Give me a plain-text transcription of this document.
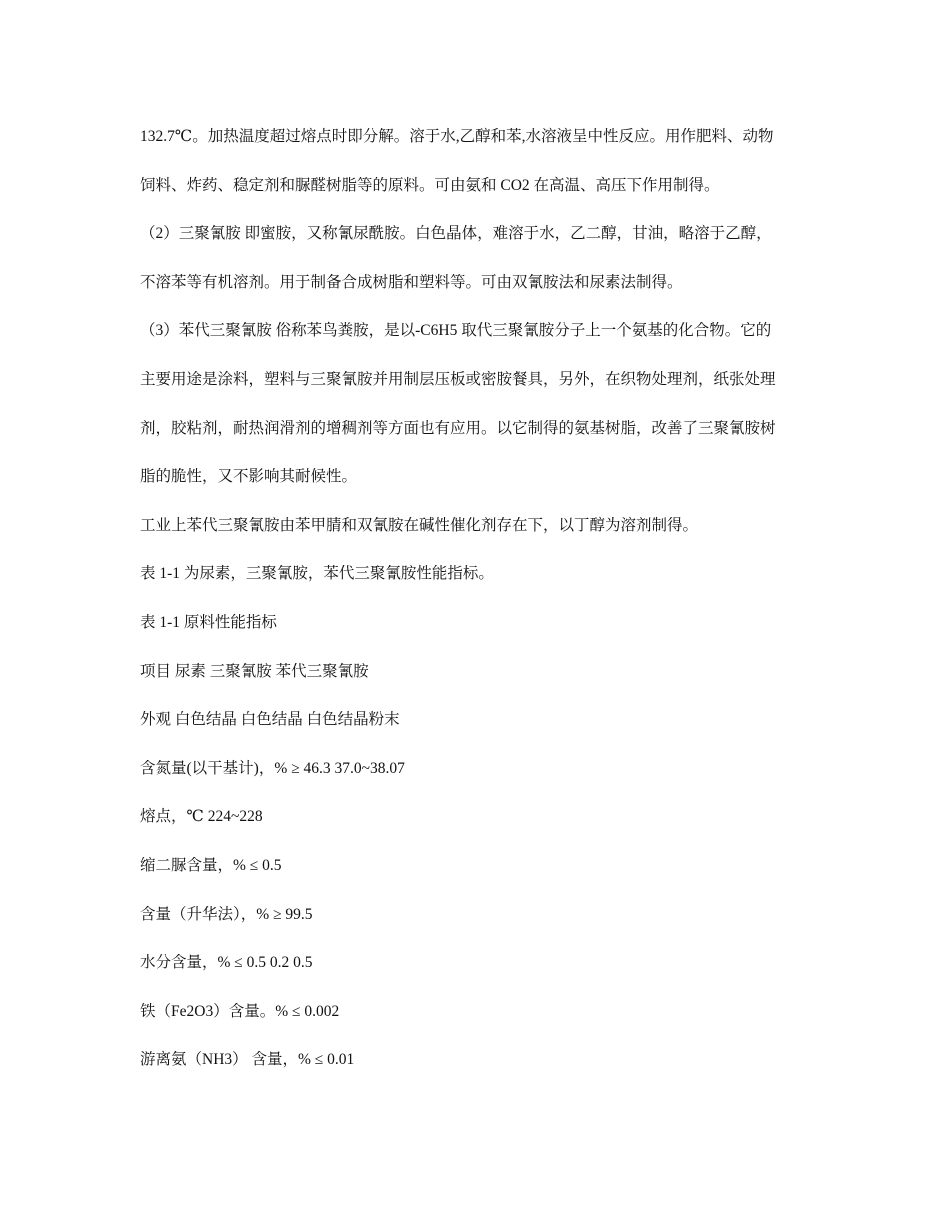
132.7℃。加热温度超过熔点时即分解。溶于水,乙醇和苯,水溶液呈中性反应。用作肥料、动物
饲料、炸药、稳定剂和脲醛树脂等的原料。可由氨和 CO2 在高温、高压下作用制得。
（2）三聚氰胺 即蜜胺，又称氰尿酰胺。白色晶体，难溶于水，乙二醇，甘油，略溶于乙醇，
不溶苯等有机溶剂。用于制备合成树脂和塑料等。可由双氰胺法和尿素法制得。
（3）苯代三聚氰胺 俗称苯鸟粪胺，是以-C6H5 取代三聚氰胺分子上一个氨基的化合物。它的
主要用途是涂料，塑料与三聚氰胺并用制层压板或密胺餐具，另外，在织物处理剂，纸张处理
剂，胶粘剂，耐热润滑剂的增稠剂等方面也有应用。以它制得的氨基树脂，改善了三聚氰胺树
脂的脆性，又不影响其耐候性。
工业上苯代三聚氰胺由苯甲腈和双氰胺在碱性催化剂存在下，以丁醇为溶剂制得。
表 1-1 为尿素，三聚氰胺，苯代三聚氰胺性能指标。
表 1-1 原料性能指标
项目 尿素 三聚氰胺 苯代三聚氰胺
外观 白色结晶 白色结晶 白色结晶粉末
含氮量(以干基计)，% ≥ 46.3 37.0~38.07
熔点，℃ 224~228
缩二脲含量，% ≤ 0.5
含量（升华法），% ≥ 99.5
水分含量，% ≤ 0.5 0.2 0.5
铁（Fe2O3）含量。% ≤ 0.002
游离氨（NH3） 含量，% ≤ 0.01
